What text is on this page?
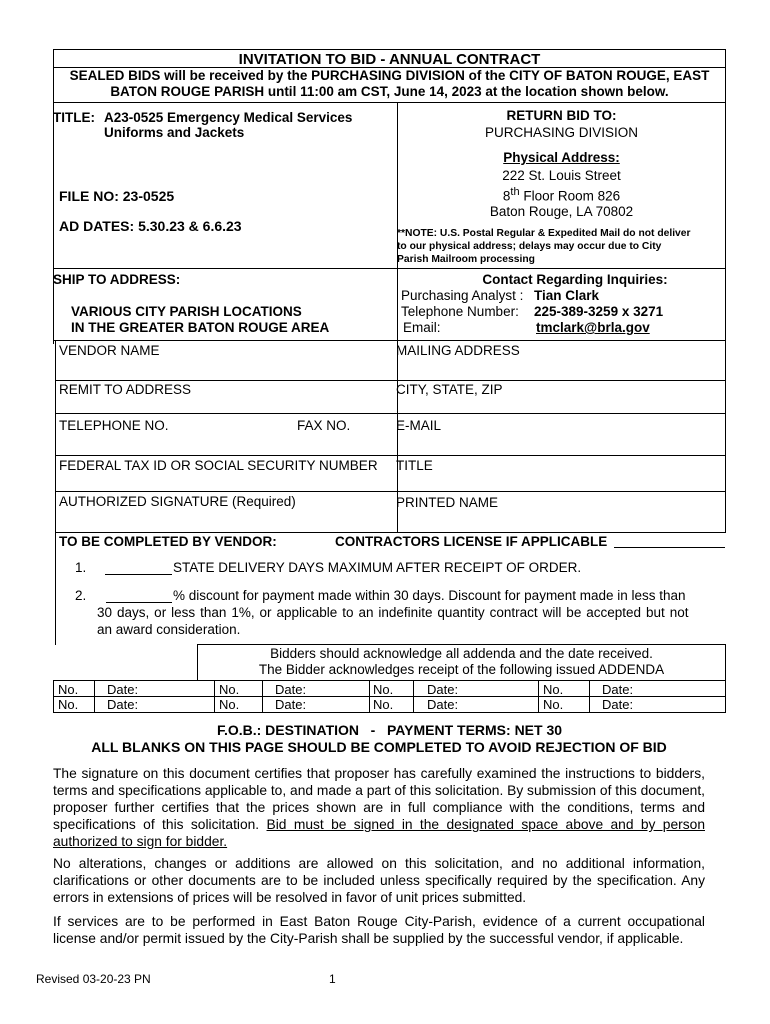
INVITATION TO BID - ANNUAL CONTRACT
SEALED BIDS will be received by the PURCHASING DIVISION of the CITY OF BATON ROUGE, EAST
BATON ROUGE PARISH until 11:00 am CST, June 14, 2023 at the location shown below.
TITLE: A23-0525 Emergency Medical Services
Uniforms and Jackets
FILE NO: 23-0525
AD DATES: 5.30.23 & 6.6.23
RETURN BID TO:
PURCHASING DIVISION
Physical Address:
222 St. Louis Street
8th Floor Room 826
Baton Rouge, LA 70802
**NOTE: U.S. Postal Regular & Expedited Mail do not deliver
to our physical address; delays may occur due to City
Parish Mailroom processing
SHIP TO ADDRESS:
VARIOUS CITY PARISH LOCATIONS
IN THE GREATER BATON ROUGE AREA
Contact Regarding Inquiries:
Purchasing Analyst : Tian Clark
Telephone Number: 225-389-3259 x 3271
Email:	tmclark@brla.gov
VENDOR NAME	MAILING ADDRESS
REMIT TO ADDRESS	CITY, STATE, ZIP
TELEPHONE NO.	FAX NO.	E-MAIL
FEDERAL TAX ID OR SOCIAL SECURITY NUMBER TITLE
AUTHORIZED SIGNATURE (Required)	PRINTED NAME
TO BE COMPLETED BY VENDOR:	CONTRACTORS LICENSE IF APPLICABLE
1.	STATE DELIVERY DAYS MAXIMUM AFTER RECEIPT OF ORDER.
2.	% discount for payment made within 30 days. Discount for payment made in less than
30 days, or less than 1%, or applicable to an indefinite quantity contract will be accepted but not
an award consideration.
Bidders should acknowledge all addenda and the date received.
The Bidder acknowledges receipt of the following issued ADDENDA
No. Date:	No.	Date:	No.	Date:	No.	Date:
No. Date:	No.	Date:	No.	Date:	No.	Date:
F.O.B.: DESTINATION   -   PAYMENT TERMS: NET 30
ALL BLANKS ON THIS PAGE SHOULD BE COMPLETED TO AVOID REJECTION OF BID

The signature on this document certifies that proposer has carefully examined the instructions to bidders, terms and specifications applicable to, and made a part of this solicitation. By submission of this document, proposer further certifies that the prices shown are in full compliance with the conditions, terms and specifications of this solicitation. Bid must be signed in the designated space above and by person authorized to sign for bidder.

No alterations, changes or additions are allowed on this solicitation, and no additional information, clarifications or other documents are to be included unless specifically required by the specification. Any errors in extensions of prices will be resolved in favor of unit prices submitted.

If services are to be performed in East Baton Rouge City-Parish, evidence of a current occupational license and/or permit issued by the City-Parish shall be supplied by the successful vendor, if applicable.

Revised 03-20-23 PN	1
